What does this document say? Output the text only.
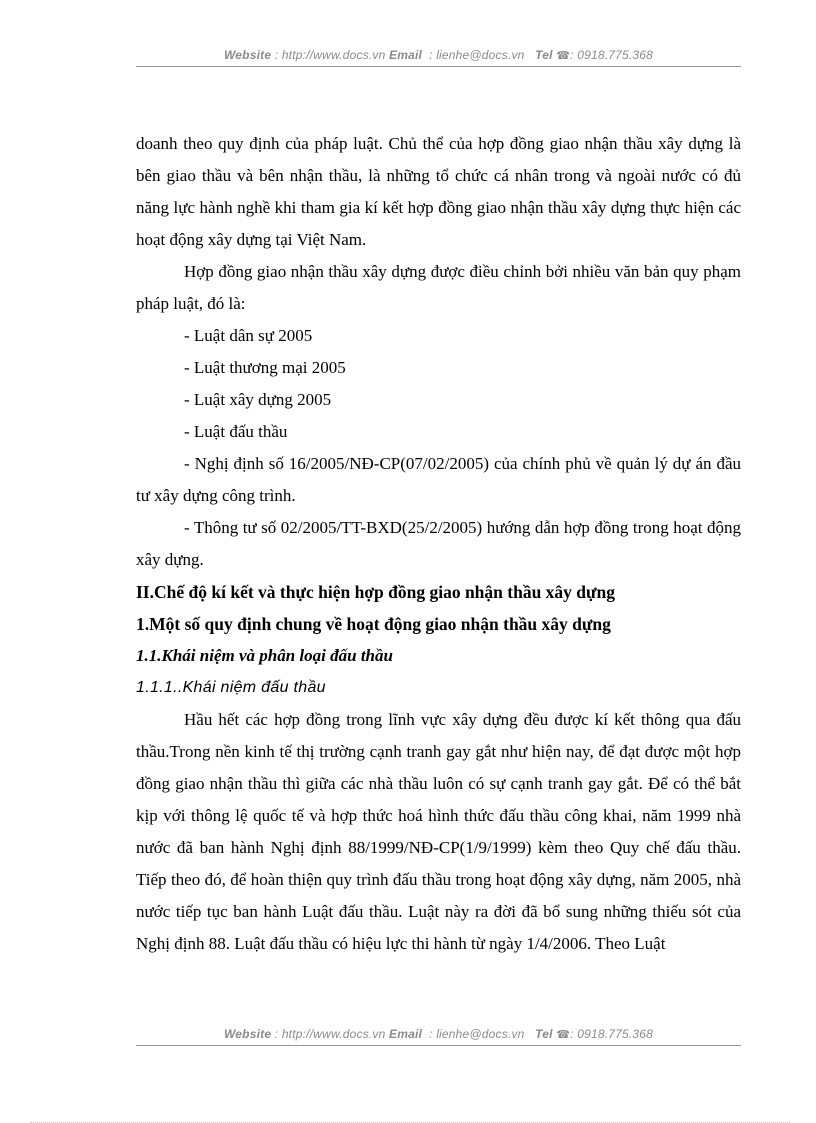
Website : http://www.docs.vn Email  : lienhe@docs.vn Tel ☎: 0918.775.368

doanh theo quy định của pháp luật. Chủ thể của hợp đồng giao nhận thầu xây dựng là bên giao thầu và bên nhận thầu, là những tổ chức cá nhân trong và ngoài nước có đủ năng lực hành nghề khi tham gia kí kết hợp đồng giao nhận thầu xây dựng thực hiện các hoạt động xây dựng tại Việt Nam.

Hợp đồng giao nhận thầu xây dựng được điều chỉnh bởi nhiều văn bản quy phạm pháp luật, đó là:

- Luật dân sự 2005

- Luật thương mại 2005

- Luật xây dựng 2005

- Luật đấu thầu

- Nghị định số 16/2005/NĐ-CP(07/02/2005) của chính phủ về quản lý dự án đầu tư xây dựng công trình.

- Thông tư số 02/2005/TT-BXD(25/2/2005) hướng dẫn hợp đồng trong hoạt động xây dựng.

II.Chế độ kí kết và thực hiện hợp đồng giao nhận thầu xây dựng

1.Một số quy định chung về hoạt động giao nhận thầu xây dựng

1.1.Khái niệm và phân loại đấu thầu

1.1.1..Khái niệm đấu thầu

Hầu hết các hợp đồng trong lĩnh vực xây dựng đều được kí kết thông qua đấu thầu.Trong nền kinh tế thị trường cạnh tranh gay gắt như hiện nay, để đạt được một hợp đồng giao nhận thầu thì giữa các nhà thầu luôn có sự cạnh tranh gay gắt. Để có thể bắt kịp với thông lệ quốc tế và hợp thức hoá hình thức đấu thầu công khai, năm 1999 nhà nước đã ban hành Nghị định 88/1999/NĐ-CP(1/9/1999) kèm theo Quy chế đấu thầu. Tiếp theo đó, để hoàn thiện quy trình đấu thầu trong hoạt động xây dựng, năm 2005, nhà nước tiếp tục ban hành Luật đấu thầu. Luật này ra đời đã bổ sung những thiếu sót của Nghị định 88. Luật đấu thầu có hiệu lực thi hành từ ngày 1/4/2006. Theo Luật

Website : http://www.docs.vn Email  : lienhe@docs.vn Tel ☎: 0918.775.368
